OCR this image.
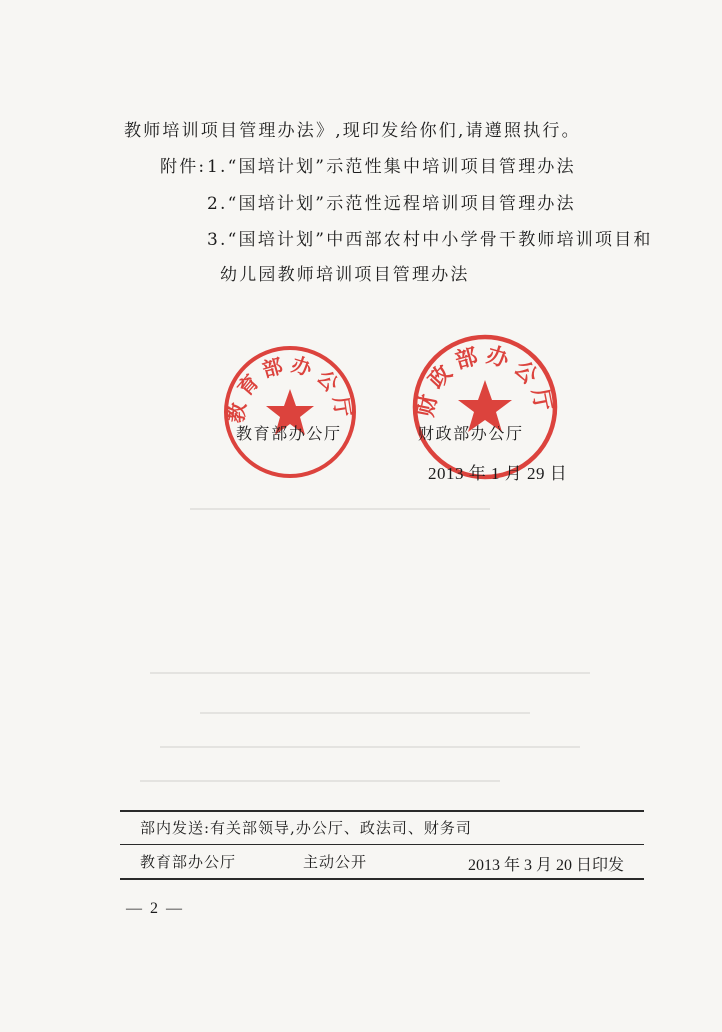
教师培训项目管理办法》,现印发给你们,请遵照执行。
附件: 1.“国培计划”示范性集中培训项目管理办法
2.“国培计划”示范性远程培训项目管理办法
3.“国培计划”中西部农村中小学骨干教师培训项目和
幼儿园教师培训项目管理办法
教育部办公厅	财政部办公厅
教育部办公厅	财政部办公厅
2013 年 1 月 29 日
部内发送:有关部领导,办公厅、政法司、财务司
教育部办公厅	主动公开	2013 年 3 月 20 日印发
— 2 —
